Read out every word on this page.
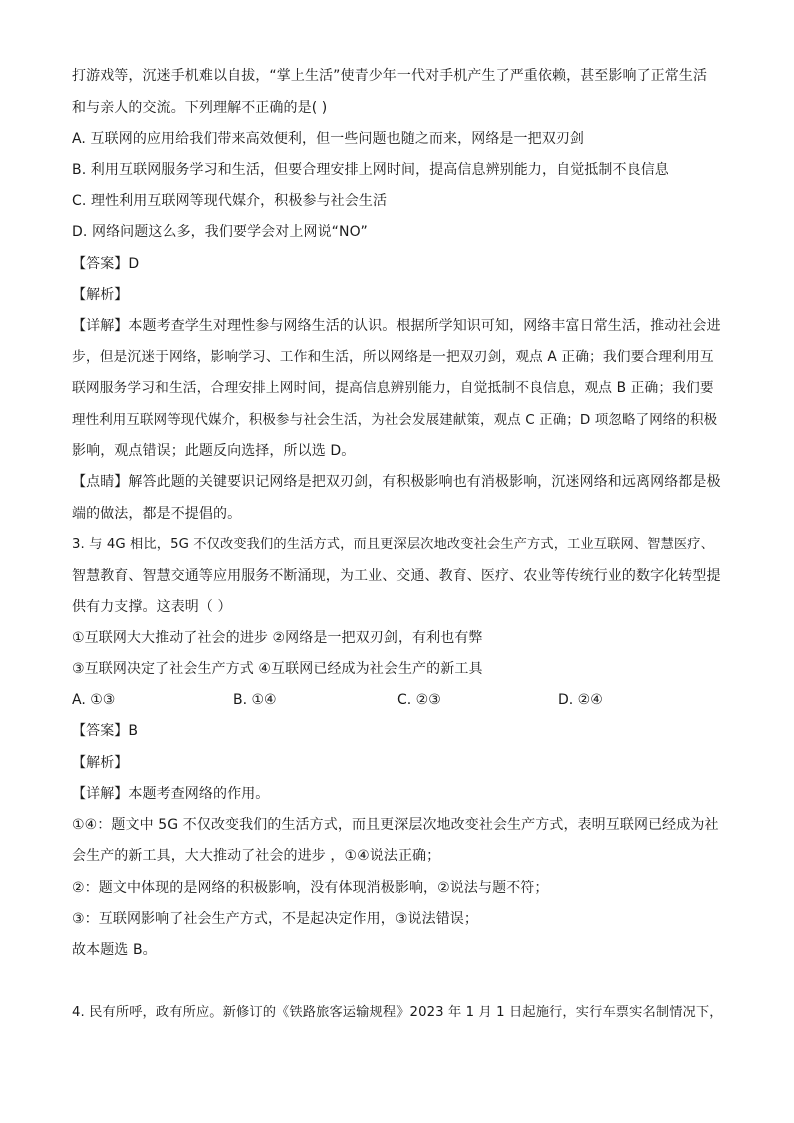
打游戏等，沉迷手机难以自拔，“掌上生活”使青少年一代对手机产生了严重依赖，甚至影响了正常生活
和与亲人的交流。下列理解不正确的是( )
A. 互联网的应用给我们带来高效便利，但一些问题也随之而来，网络是一把双刃剑
B. 利用互联网服务学习和生活，但要合理安排上网时间，提高信息辨别能力，自觉抵制不良信息
C. 理性利用互联网等现代媒介，积极参与社会生活
D. 网络问题这么多，我们要学会对上网说“NO”
【答案】D
【解析】
【详解】本题考查学生对理性参与网络生活的认识。根据所学知识可知，网络丰富日常生活，推动社会进
步，但是沉迷于网络，影响学习、工作和生活，所以网络是一把双刃剑，观点 A 正确；我们要合理利用互
联网服务学习和生活，合理安排上网时间，提高信息辨别能力，自觉抵制不良信息，观点 B 正确；我们要
理性利用互联网等现代媒介，积极参与社会生活，为社会发展建献策，观点 C 正确；D 项忽略了网络的积极
影响，观点错误；此题反向选择，所以选 D。
【点睛】解答此题的关键要识记网络是把双刃剑，有积极影响也有消极影响，沉迷网络和远离网络都是极
端的做法，都是不提倡的。
3. 与 4G 相比，5G 不仅改变我们的生活方式，而且更深层次地改变社会生产方式，工业互联网、智慧医疗、
智慧教育、智慧交通等应用服务不断涌现，为工业、交通、教育、医疗、农业等传统行业的数字化转型提
供有力支撑。这表明（ ）
①互联网大大推动了社会的进步 ②网络是一把双刃剑，有利也有弊
③互联网决定了社会生产方式 ④互联网已经成为社会生产的新工具
A. ①③	B. ①④	C. ②③	D. ②④
【答案】B
【解析】
【详解】本题考查网络的作用。
①④：题文中 5G 不仅改变我们的生活方式，而且更深层次地改变社会生产方式，表明互联网已经成为社
会生产的新工具，大大推动了社会的进步 ，①④说法正确；
②：题文中体现的是网络的积极影响，没有体现消极影响，②说法与题不符；
③：互联网影响了社会生产方式，不是起决定作用，③说法错误；
故本题选 B。
4. 民有所呼，政有所应。新修订的《铁路旅客运输规程》2023 年 1 月 1 日起施行，实行车票实名制情况下，
